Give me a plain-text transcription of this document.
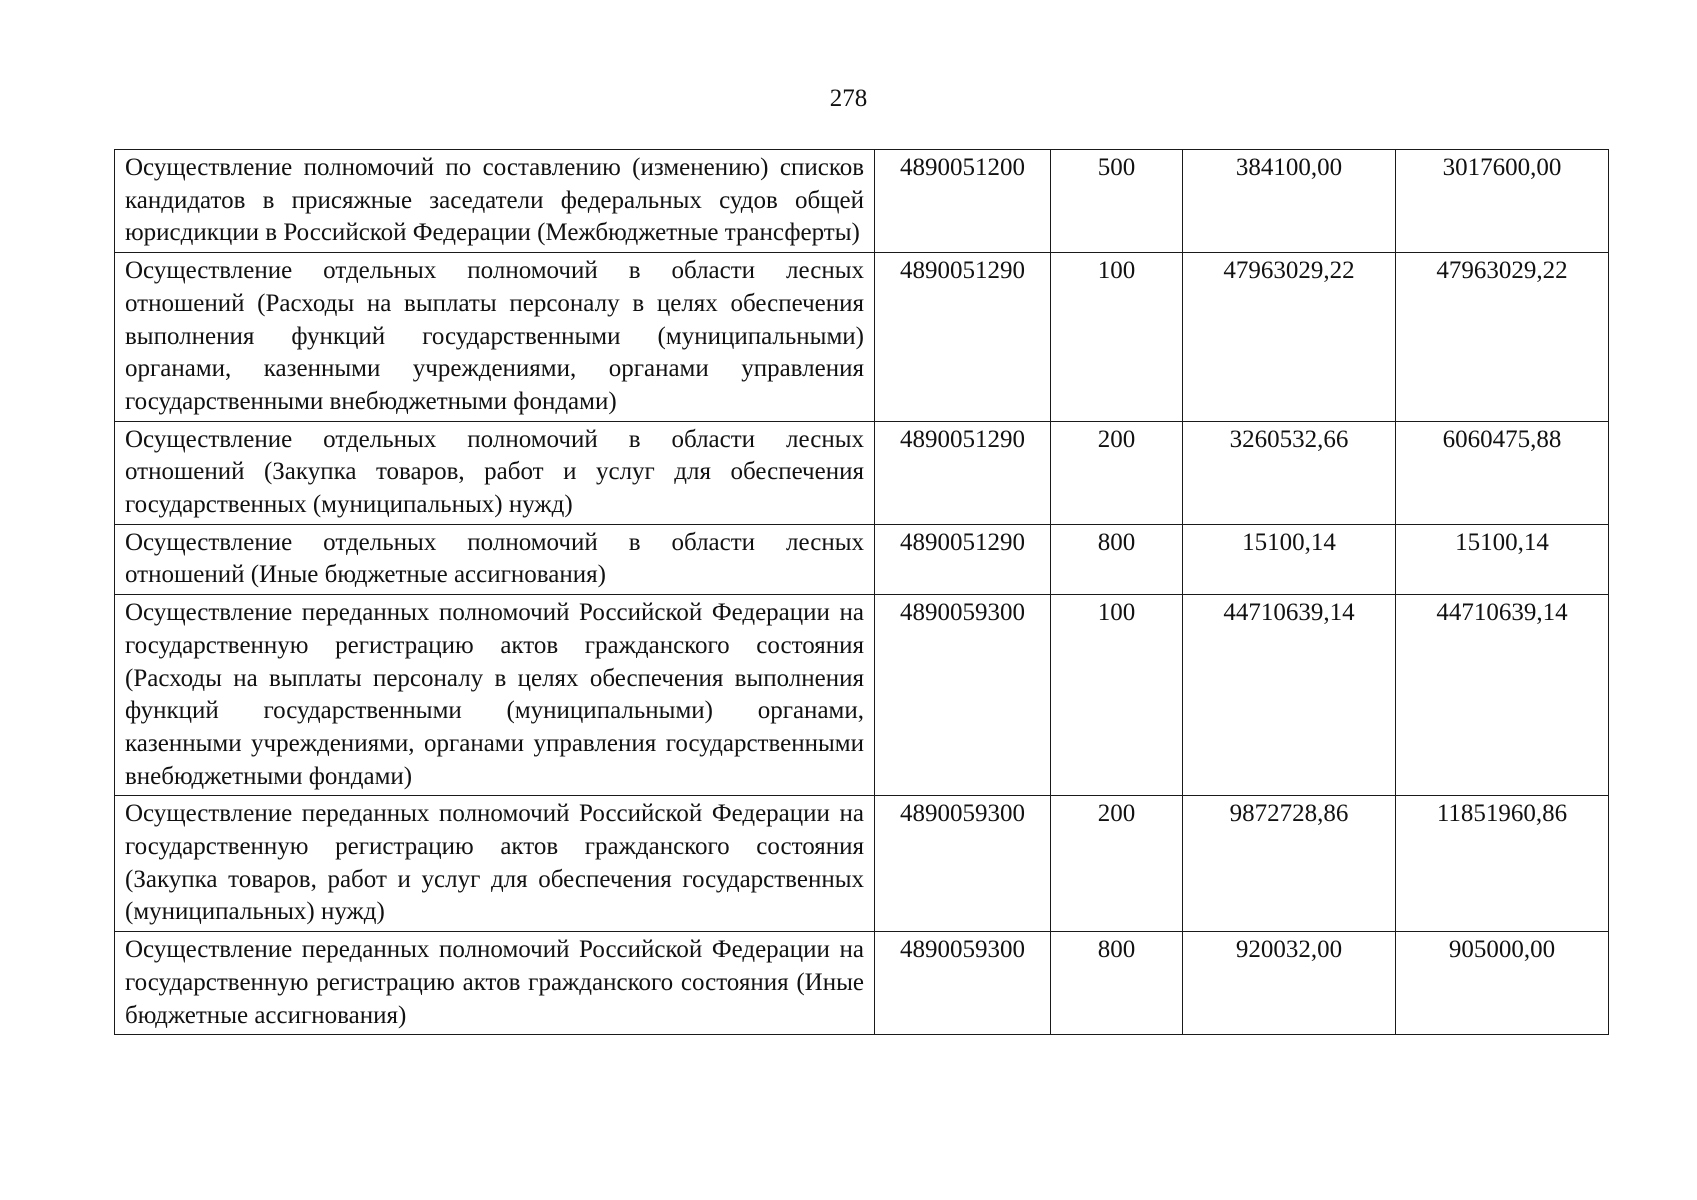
278
Осуществление полномочий по составлению (изменению) списков кандидатов в присяжные заседатели федеральных судов общей юрисдикции в Российской Федерации (Межбюджетные трансферты)	4890051200	500	384100,00	3017600,00
Осуществление отдельных полномочий в области лесных отношений (Расходы на выплаты персоналу в целях обеспечения выполнения функций государственными (муниципальными) органами, казенными учреждениями, органами управления государственными внебюджетными фондами)	4890051290	100	47963029,22	47963029,22
Осуществление отдельных полномочий в области лесных отношений (Закупка товаров, работ и услуг для обеспечения государственных (муниципальных) нужд)	4890051290	200	3260532,66	6060475,88
Осуществление отдельных полномочий в области лесных отношений (Иные бюджетные ассигнования)	4890051290	800	15100,14	15100,14
Осуществление переданных полномочий Российской Федерации на государственную регистрацию актов гражданского состояния (Расходы на выплаты персоналу в целях обеспечения выполнения функций государственными (муниципальными) органами, казенными учреждениями, органами управления государственными внебюджетными фондами)	4890059300	100	44710639,14	44710639,14
Осуществление переданных полномочий Российской Федерации на государственную регистрацию актов гражданского состояния (Закупка товаров, работ и услуг для обеспечения государственных (муниципальных) нужд)	4890059300	200	9872728,86	11851960,86
Осуществление переданных полномочий Российской Федерации на государственную регистрацию актов гражданского состояния (Иные бюджетные ассигнования)	4890059300	800	920032,00	905000,00
